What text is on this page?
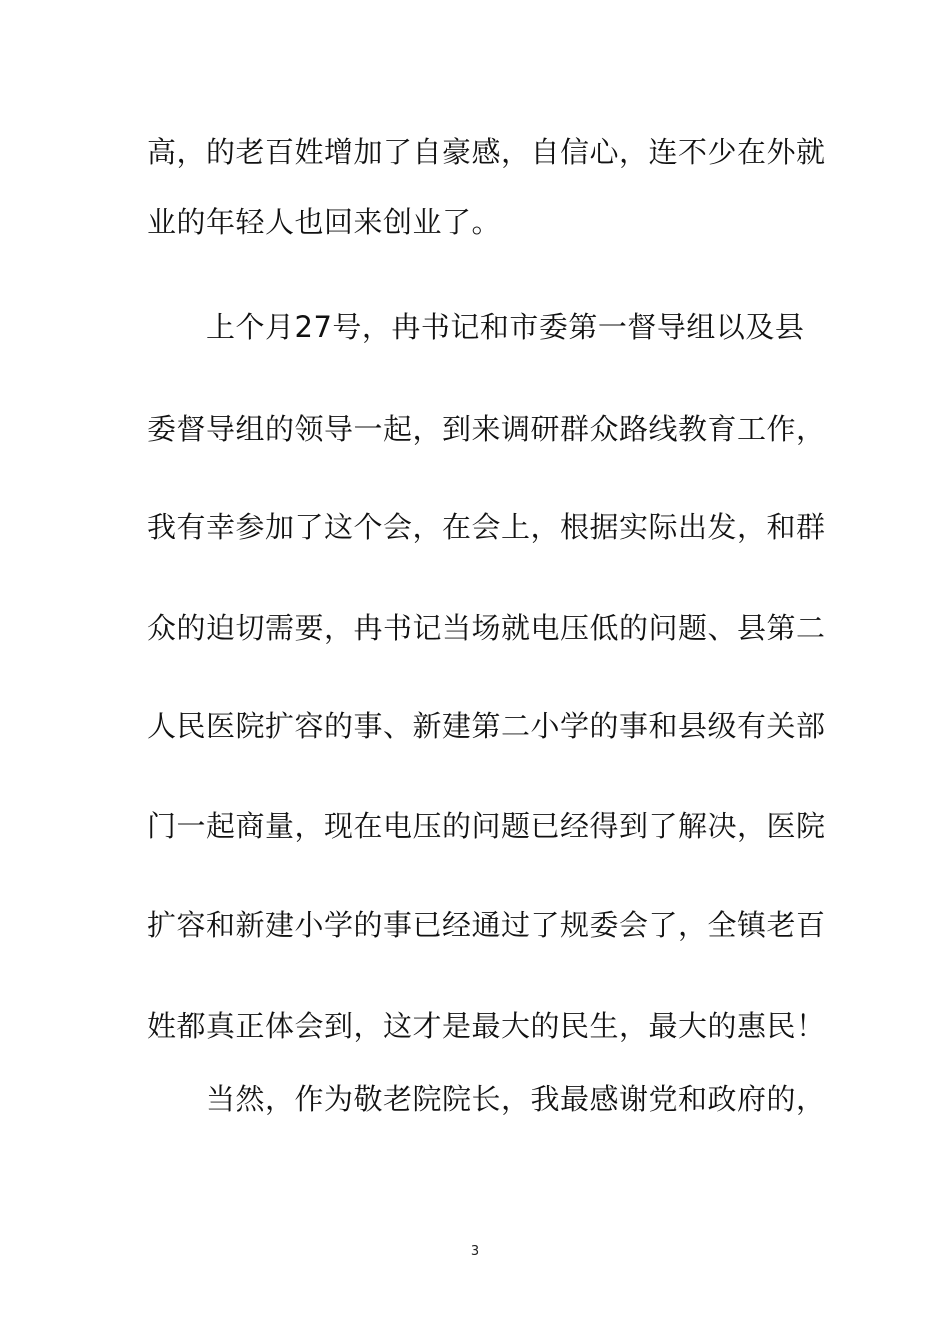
高，的老百姓增加了自豪感，自信心，连不少在外就
业的年轻人也回来创业了。
上个月27号，冉书记和市委第一督导组以及县
委督导组的领导一起，到来调研群众路线教育工作，
我有幸参加了这个会，在会上，根据实际出发，和群
众的迫切需要，冉书记当场就电压低的问题、县第二
人民医院扩容的事、新建第二小学的事和县级有关部
门一起商量，现在电压的问题已经得到了解决，医院
扩容和新建小学的事已经通过了规委会了，全镇老百
姓都真正体会到，这才是最大的民生，最大的惠民！
当然，作为敬老院院长，我最感谢党和政府的，
3
